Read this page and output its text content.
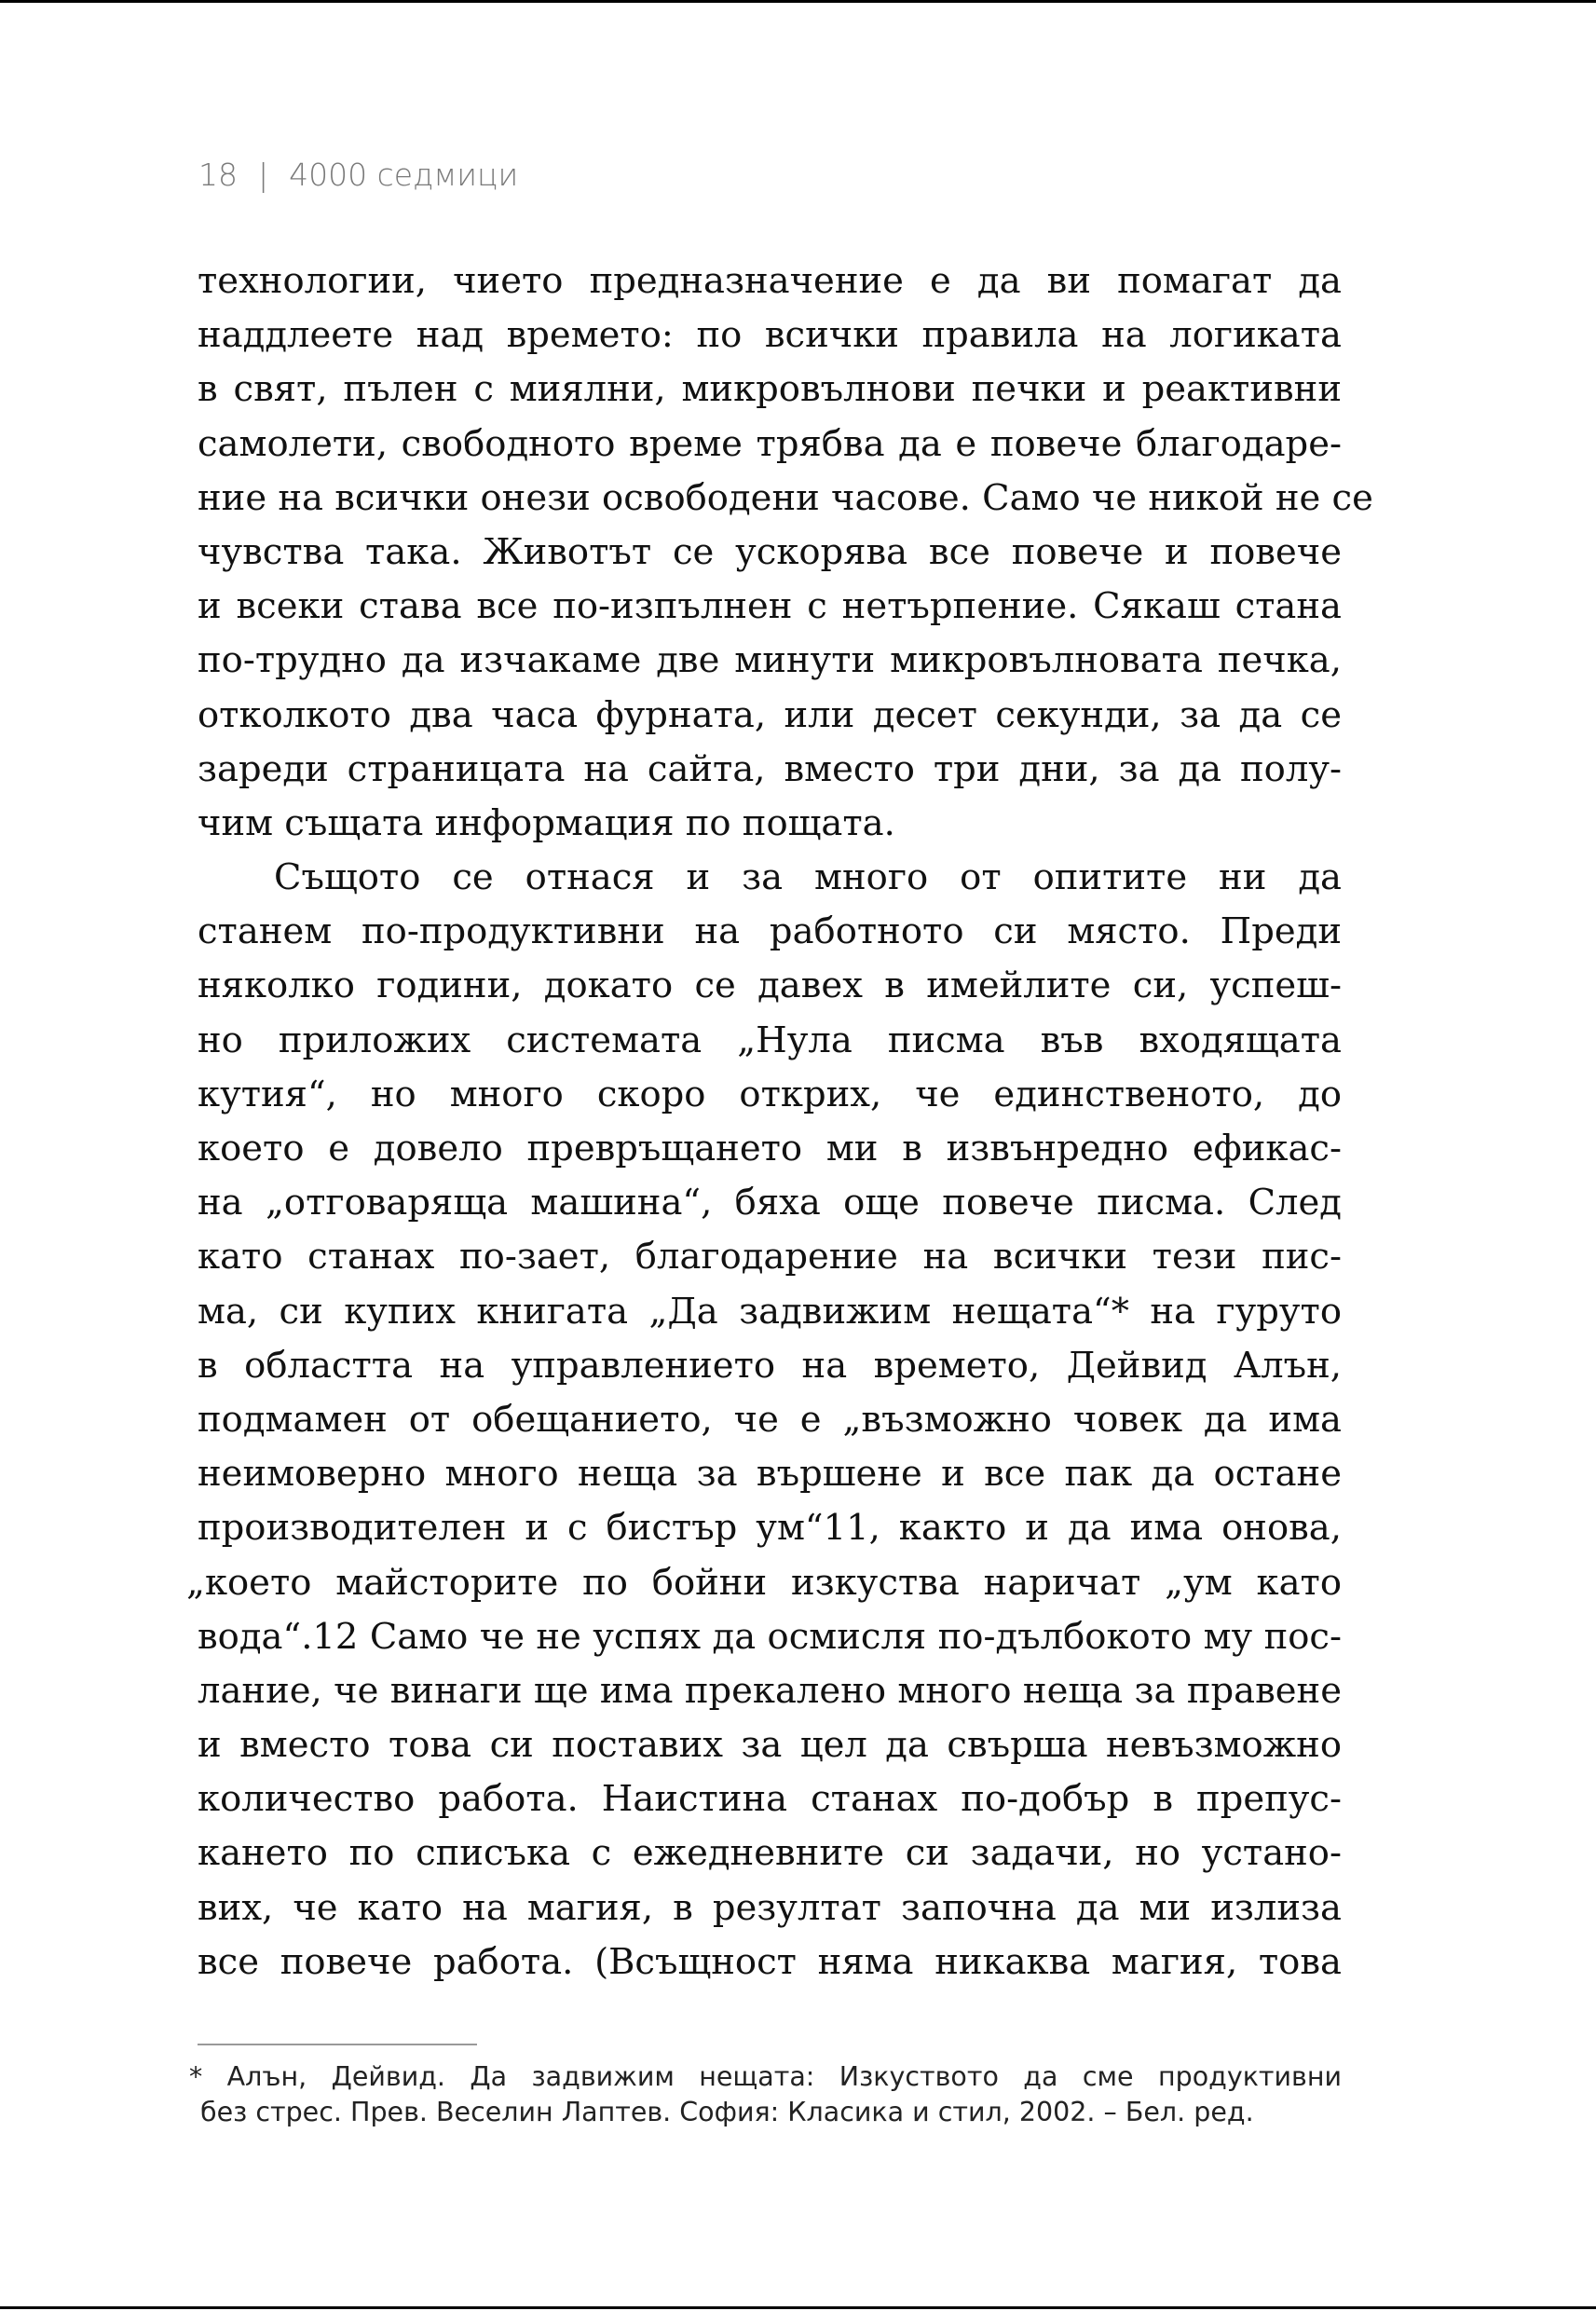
18 | 4000 седмици
технологии, чието предназначение е да ви помагат да
наддлеете над времето: по всички правила на логиката
в свят, пълен с миялни, микровълнови печки и реактивни
самолети, свободното време трябва да е повече благодаре-
ние на всички онези освободени часове. Само че никой не се
чувства така. Животът се ускорява все повече и повече
и всеки става все по-изпълнен с нетърпение. Сякаш стана
по-трудно да изчакаме две минути микровълновата печка,
отколкото два часа фурната, или десет секунди, за да се
зареди страницата на сайта, вместо три дни, за да полу-
чим същата информация по пощата.
Същото се отнася и за много от опитите ни да
станем по-продуктивни на работното си място. Преди
няколко години, докато се давех в имейлите си, успеш-
но приложих системата „Нула писма във входящата
кутия“, но много скоро открих, че единственото, до
което е довело превръщането ми в извънредно ефикас-
на „отговаряща машина“, бяха още повече писма. След
като станах по-зает, благодарение на всички тези пис-
ма, си купих книгата „Да задвижим нещата“* на гуруто
в областта на управлението на времето, Дейвид Алън,
подмамен от обещанието, че е „възможно човек да има
неимоверно много неща за вършене и все пак да остане
производителен и с бистър ум“11, както и да има онова,
„което майсторите по бойни изкуства наричат „ум като
вода“.12 Само че не успях да осмисля по-дълбокото му пос-
лание, че винаги ще има прекалено много неща за правене
и вместо това си поставих за цел да свърша невъзможно
количество работа. Наистина станах по-добър в препус-
кането по списъка с ежедневните си задачи, но устано-
вих, че като на магия, в резултат започна да ми излиза
все повече работа. (Всъщност няма никаква магия, това
* Алън, Дейвид. Да задвижим нещата: Изкуството да сме продуктивни
без стрес. Прев. Веселин Лаптев. София: Класика и стил, 2002. – Бел. ред.
